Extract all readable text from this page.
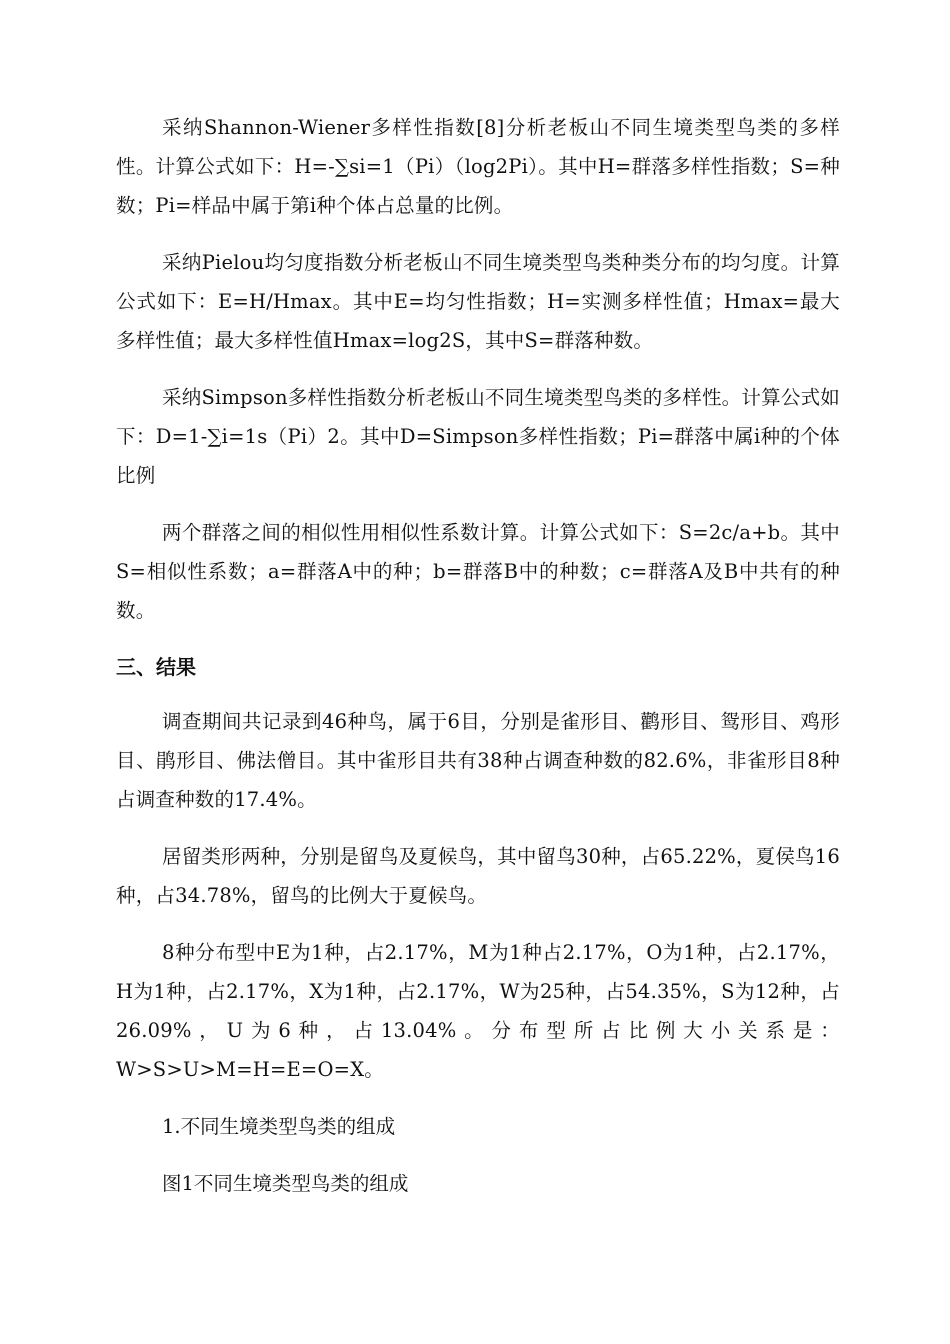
采纳Shannon-Wiener多样性指数[8]分析老板山不同生境类型鸟类的多样性。计算公式如下：H=-∑si=1（Pi）（log2Pi）。其中H=群落多样性指数；S=种数；Pi=样品中属于第i种个体占总量的比例。

采纳Pielou均匀度指数分析老板山不同生境类型鸟类种类分布的均匀度。计算公式如下：E=H/Hmax。其中E=均匀性指数；H=实测多样性值；Hmax=最大多样性值；最大多样性值Hmax=log2S，其中S=群落种数。

采纳Simpson多样性指数分析老板山不同生境类型鸟类的多样性。计算公式如下：D=1-∑i=1s（Pi）2。其中D=Simpson多样性指数；Pi=群落中属i种的个体比例

两个群落之间的相似性用相似性系数计算。计算公式如下：S=2c/a+b。其中S=相似性系数；a=群落A中的种；b=群落B中的种数；c=群落A及B中共有的种数。

三、结果

调查期间共记录到46种鸟，属于6目，分别是雀形目、鹳形目、鸳形目、鸡形目、鹃形目、佛法僧目。其中雀形目共有38种占调查种数的82.6%，非雀形目8种占调查种数的17.4%。

居留类形两种，分别是留鸟及夏候鸟，其中留鸟30种，占65.22%，夏侯鸟16种，占34.78%，留鸟的比例大于夏候鸟。

8种分布型中E为1种，占2.17%，M为1种占2.17%，O为1种，占2.17%，H为1种，占2.17%，X为1种，占2.17%，W为25种，占54.35%，S为12种，占26.09%，U为6种，占13.04%。分布型所占比例大小关系是：W>S>U>M=H=E=O=X。

1.不同生境类型鸟类的组成

图1不同生境类型鸟类的组成
